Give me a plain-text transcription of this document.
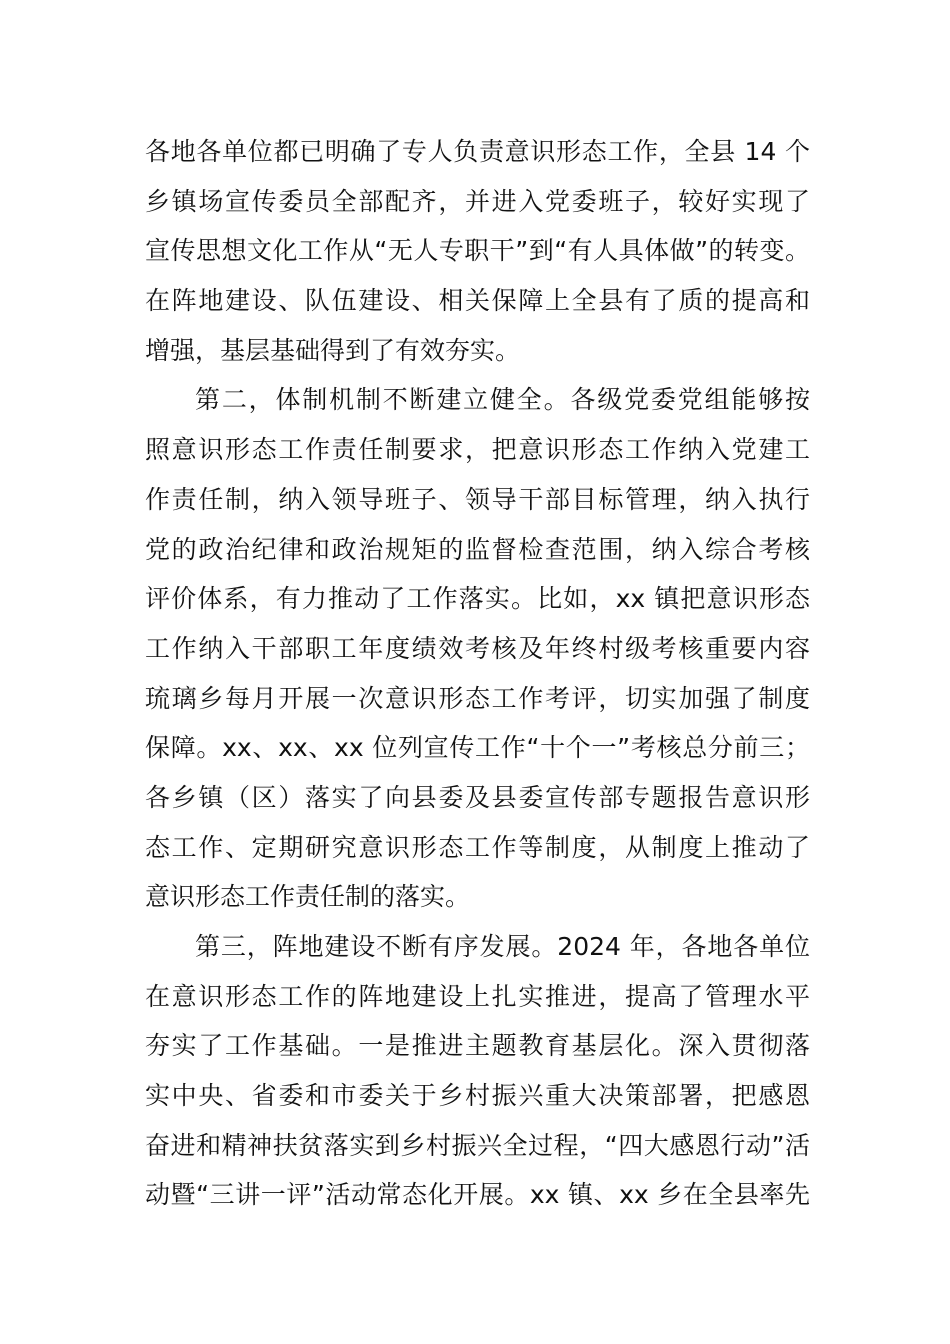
各地各单位都已明确了专人负责意识形态工作，全县 14 个
乡镇场宣传委员全部配齐，并进入党委班子，较好实现了
宣传思想文化工作从“无人专职干”到“有人具体做”的转变。
在阵地建设、队伍建设、相关保障上全县有了质的提高和
增强，基层基础得到了有效夯实。
第二，体制机制不断建立健全。各级党委党组能够按
照意识形态工作责任制要求，把意识形态工作纳入党建工
作责任制，纳入领导班子、领导干部目标管理，纳入执行
党的政治纪律和政治规矩的监督检查范围，纳入综合考核
评价体系，有力推动了工作落实。比如，xx 镇把意识形态
工作纳入干部职工年度绩效考核及年终村级考核重要内容
琉璃乡每月开展一次意识形态工作考评，切实加强了制度
保障。xx、xx、xx 位列宣传工作“十个一”考核总分前三；
各乡镇（区）落实了向县委及县委宣传部专题报告意识形
态工作、定期研究意识形态工作等制度，从制度上推动了
意识形态工作责任制的落实。
第三，阵地建设不断有序发展。2024 年，各地各单位
在意识形态工作的阵地建设上扎实推进，提高了管理水平
夯实了工作基础。一是推进主题教育基层化。深入贯彻落
实中央、省委和市委关于乡村振兴重大决策部署，把感恩
奋进和精神扶贫落实到乡村振兴全过程，“四大感恩行动”活
动暨“三讲一评”活动常态化开展。xx 镇、xx 乡在全县率先
